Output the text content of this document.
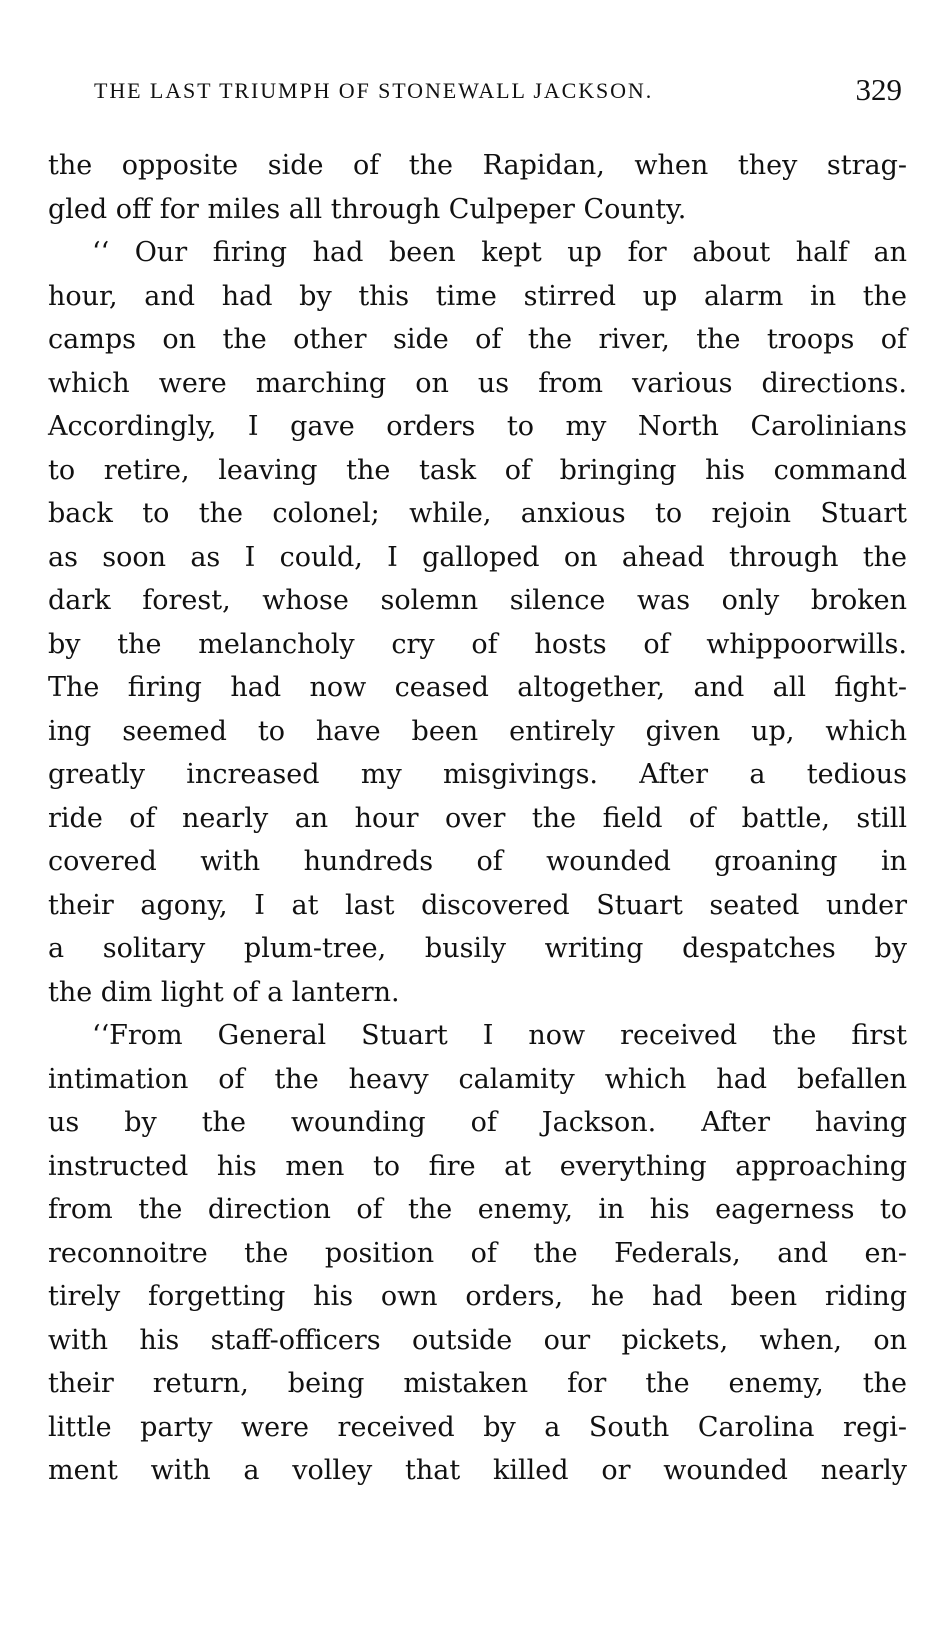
THE LAST TRIUMPH OF STONEWALL JACKSON.	329
the opposite side of the Rapidan, when they strag-
gled off for miles all through Culpeper County.
‘‘ Our firing had been kept up for about half an
hour, and had by this time stirred up alarm in the
camps on the other side of the river, the troops of
which were marching on us from various directions.
Accordingly, I gave orders to my North Carolinians
to retire, leaving the task of bringing his command
back to the colonel; while, anxious to rejoin Stuart
as soon as I could, I galloped on ahead through the
dark forest, whose solemn silence was only broken
by the melancholy cry of hosts of whippoorwills.
The firing had now ceased altogether, and all fight-
ing seemed to have been entirely given up, which
greatly increased my misgivings. After a tedious
ride of nearly an hour over the field of battle, still
covered with hundreds of wounded groaning in
their agony, I at last discovered Stuart seated under
a solitary plum-tree, busily writing despatches by
the dim light of a lantern.
‘‘From General Stuart I now received the first
intimation of the heavy calamity which had befallen
us by the wounding of Jackson. After having
instructed his men to fire at everything approaching
from the direction of the enemy, in his eagerness to
reconnoitre the position of the Federals, and en-
tirely forgetting his own orders, he had been riding
with his staff-officers outside our pickets, when, on
their return, being mistaken for the enemy, the
little party were received by a South Carolina regi-
ment with a volley that killed or wounded nearly
